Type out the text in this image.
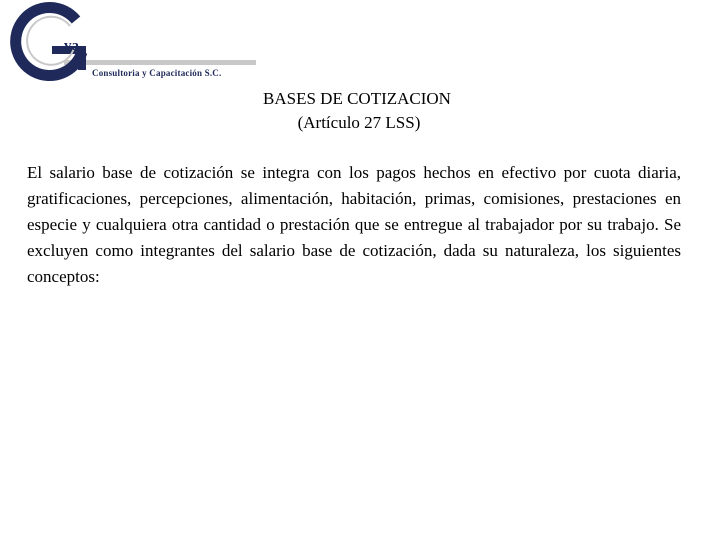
va
Consultoria y Capacitación S.C.
BASES DE COTIZACION
(Artículo 27 LSS)
El salario base de cotización se integra con los pagos hechos en efectivo por cuota diaria, gratificaciones, percepciones, alimentación, habitación, primas, comisiones, prestaciones en especie y cualquiera otra cantidad o prestación que se entregue al trabajador por su trabajo. Se excluyen como integrantes del salario base de cotización, dada su naturaleza, los siguientes conceptos:
